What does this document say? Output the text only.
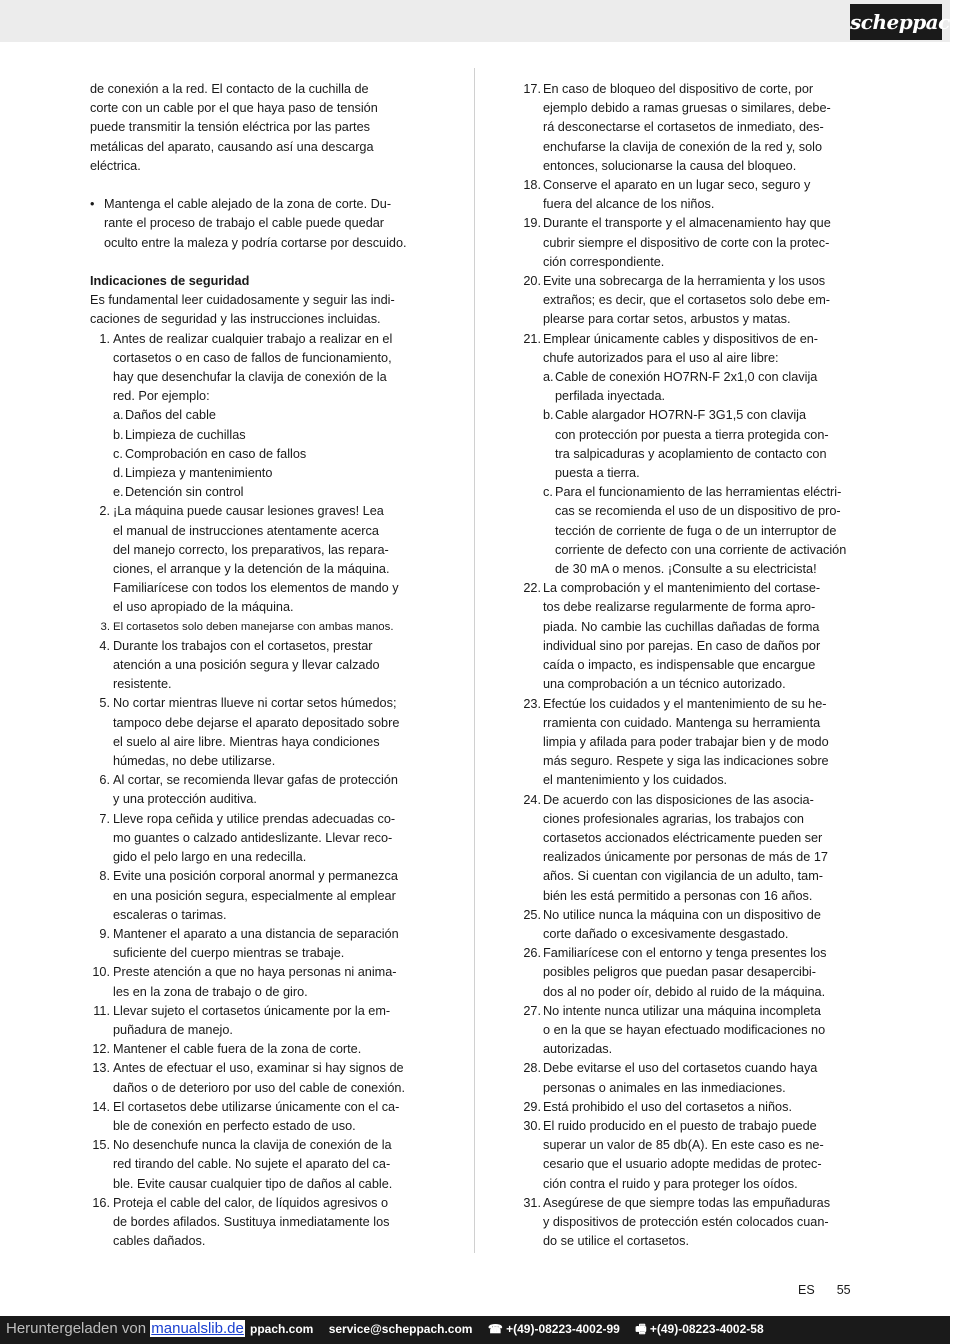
scheppach
de conexión a la red. El contacto de la cuchilla de
corte con un cable por el que haya paso de tensión
puede transmitir la tensión eléctrica por las partes
metálicas del aparato, causando así una descarga
eléctrica.
• Mantenga el cable alejado de la zona de corte. Du-
rante el proceso de trabajo el cable puede quedar
oculto entre la maleza y podría cortarse por descuido.
Indicaciones de seguridad
Es fundamental leer cuidadosamente y seguir las indi-
caciones de seguridad y las instrucciones incluidas.
1. Antes de realizar cualquier trabajo a realizar en el
cortasetos o en caso de fallos de funcionamiento,
hay que desenchufar la clavija de conexión de la
red. Por ejemplo:
a. Daños del cable
b. Limpieza de cuchillas
c. Comprobación en caso de fallos
d. Limpieza y mantenimiento
e. Detención sin control
2. ¡La máquina puede causar lesiones graves! Lea
el manual de instrucciones atentamente acerca
del manejo correcto, los preparativos, las repara-
ciones, el arranque y la detención de la máquina.
Familiarícese con todos los elementos de mando y
el uso apropiado de la máquina.
3. El cortasetos solo deben manejarse con ambas manos.
4. Durante los trabajos con el cortasetos, prestar
atención a una posición segura y llevar calzado
resistente.
5. No cortar mientras llueve ni cortar setos húmedos;
tampoco debe dejarse el aparato depositado sobre
el suelo al aire libre. Mientras haya condiciones
húmedas, no debe utilizarse.
6. Al cortar, se recomienda llevar gafas de protección
y una protección auditiva.
7. Lleve ropa ceñida y utilice prendas adecuadas co-
mo guantes o calzado antideslizante. Llevar reco-
gido el pelo largo en una redecilla.
8. Evite una posición corporal anormal y permanezca
en una posición segura, especialmente al emplear
escaleras o tarimas.
9. Mantener el aparato a una distancia de separación
suficiente del cuerpo mientras se trabaje.
10. Preste atención a que no haya personas ni anima-
les en la zona de trabajo o de giro.
11. Llevar sujeto el cortasetos únicamente por la em-
puñadura de manejo.
12. Mantener el cable fuera de la zona de corte.
13. Antes de efectuar el uso, examinar si hay signos de
daños o de deterioro por uso del cable de conexión.
14. El cortasetos debe utilizarse únicamente con el ca-
ble de conexión en perfecto estado de uso.
15. No desenchufe nunca la clavija de conexión de la
red tirando del cable. No sujete el aparato del ca-
ble. Evite causar cualquier tipo de daños al cable.
16. Proteja el cable del calor, de líquidos agresivos o
de bordes afilados. Sustituya inmediatamente los
cables dañados.
17. En caso de bloqueo del dispositivo de corte, por
ejemplo debido a ramas gruesas o similares, debe-
rá desconectarse el cortasetos de inmediato, des-
enchufarse la clavija de conexión de la red y, solo
entonces, solucionarse la causa del bloqueo.
18. Conserve el aparato en un lugar seco, seguro y
fuera del alcance de los niños.
19. Durante el transporte y el almacenamiento hay que
cubrir siempre el dispositivo de corte con la protec-
ción correspondiente.
20. Evite una sobrecarga de la herramienta y los usos
extraños; es decir, que el cortasetos solo debe em-
plearse para cortar setos, arbustos y matas.
21. Emplear únicamente cables y dispositivos de en-
chufe autorizados para el uso al aire libre:
a. Cable de conexión HO7RN-F 2x1,0 con clavija
perfilada inyectada.
b. Cable alargador HO7RN-F 3G1,5 con clavija
con protección por puesta a tierra protegida con-
tra salpicaduras y acoplamiento de contacto con
puesta a tierra.
c. Para el funcionamiento de las herramientas eléctri-
cas se recomienda el uso de un dispositivo de pro-
tección de corriente de fuga o de un interruptor de
corriente de defecto con una corriente de activación
de 30 mA o menos. ¡Consulte a su electricista!
22. La comprobación y el mantenimiento del cortase-
tos debe realizarse regularmente de forma apro-
piada. No cambie las cuchillas dañadas de forma
individual sino por parejas. En caso de daños por
caída o impacto, es indispensable que encargue
una comprobación a un técnico autorizado.
23. Efectúe los cuidados y el mantenimiento de su he-
rramienta con cuidado. Mantenga su herramienta
limpia y afilada para poder trabajar bien y de modo
más seguro. Respete y siga las indicaciones sobre
el mantenimiento y los cuidados.
24. De acuerdo con las disposiciones de las asocia-
ciones profesionales agrarias, los trabajos con
cortasetos accionados eléctricamente pueden ser
realizados únicamente por personas de más de 17
años. Si cuentan con vigilancia de un adulto, tam-
bién les está permitido a personas con 16 años.
25. No utilice nunca la máquina con un dispositivo de
corte dañado o excesivamente desgastado.
26. Familiarícese con el entorno y tenga presentes los
posibles peligros que puedan pasar desapercibi-
dos al no poder oír, debido al ruido de la máquina.
27. No intente nunca utilizar una máquina incompleta
o en la que se hayan efectuado modificaciones no
autorizadas.
28. Debe evitarse el uso del cortasetos cuando haya
personas o animales en las inmediaciones.
29. Está prohibido el uso del cortasetos a niños.
30. El ruido producido en el puesto de trabajo puede
superar un valor de 85 db(A). En este caso es ne-
cesario que el usuario adopte medidas de protec-
ción contra el ruido y para proteger los oídos.
31. Asegúrese de que siempre todas las empuñaduras
y dispositivos de protección estén colocados cuan-
do se utilice el cortasetos.
ES 55
Heruntergeladen von manualslib.de ppach.com service@scheppach.com ☎ +(49)-08223-4002-99 🖷 +(49)-08223-4002-58
